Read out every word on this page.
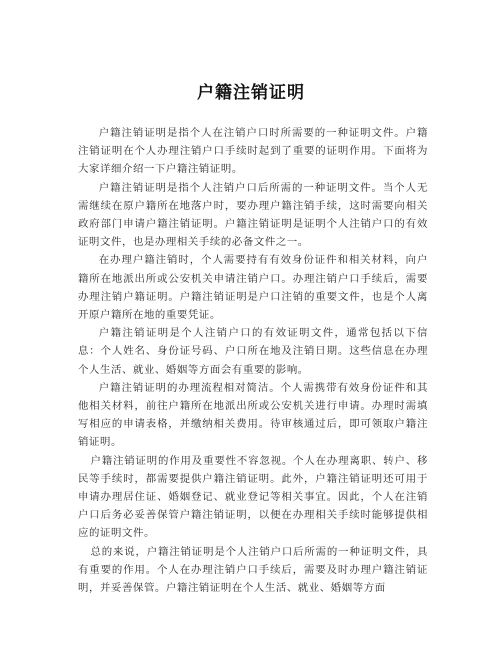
户籍注销证明

户籍注销证明是指个人在注销户口时所需要的一种证明文件。户籍注销证明在个人办理注销户口手续时起到了重要的证明作用。下面将为大家详细介绍一下户籍注销证明。

户籍注销证明是指个人注销户口后所需的一种证明文件。当个人无需继续在原户籍所在地落户时，要办理户籍注销手续，这时需要向相关政府部门申请户籍注销证明。户籍注销证明是证明个人注销户口的有效证明文件，也是办理相关手续的必备文件之一。

在办理户籍注销时，个人需要持有有效身份证件和相关材料，向户籍所在地派出所或公安机关申请注销户口。办理注销户口手续后，需要办理注销户籍证明。户籍注销证明是户口注销的重要文件，也是个人离开原户籍所在地的重要凭证。

户籍注销证明是个人注销户口的有效证明文件，通常包括以下信息：个人姓名、身份证号码、户口所在地及注销日期。这些信息在办理个人生活、就业、婚姻等方面会有重要的影响。

户籍注销证明的办理流程相对简洁。个人需携带有效身份证件和其他相关材料，前往户籍所在地派出所或公安机关进行申请。办理时需填写相应的申请表格，并缴纳相关费用。待审核通过后，即可领取户籍注销证明。

户籍注销证明的作用及重要性不容忽视。个人在办理离职、转户、移民等手续时，都需要提供户籍注销证明。此外，户籍注销证明还可用于申请办理居住证、婚姻登记、就业登记等相关事宜。因此，个人在注销户口后务必妥善保管户籍注销证明，以便在办理相关手续时能够提供相应的证明文件。

总的来说，户籍注销证明是个人注销户口后所需的一种证明文件，具有重要的作用。个人在办理注销户口手续后，需要及时办理户籍注销证明，并妥善保管。户籍注销证明在个人生活、就业、婚姻等方面
